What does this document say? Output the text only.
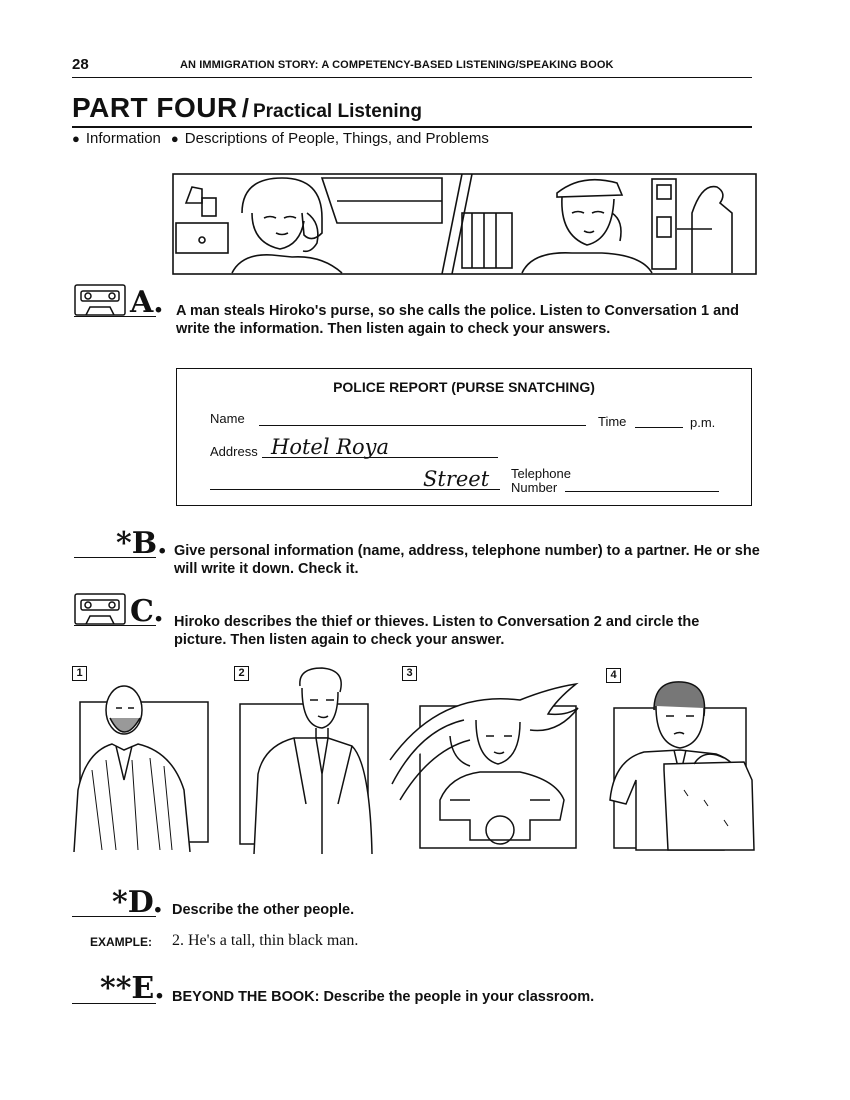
28	AN IMMIGRATION STORY: A COMPETENCY-BASED LISTENING/SPEAKING BOOK
PART FOUR / Practical Listening
● Information ● Descriptions of People, Things, and Problems
A. A man steals Hiroko's purse, so she calls the police. Listen to Conversation 1 and write the information. Then listen again to check your answers.
POLICE REPORT (PURSE SNATCHING)
Name	Time	p.m.
Address Hotel Roya
Street Telephone
Number
*B. Give personal information (name, address, telephone number) to a partner. He or she will write it down. Check it.
C. Hiroko describes the thief or thieves. Listen to Conversation 2 and circle the picture. Then listen again to check your answer.
1	2	3	4
*D. Describe the other people.
EXAMPLE: 2. He's a tall, thin black man.
**E. BEYOND THE BOOK: Describe the people in your classroom.
